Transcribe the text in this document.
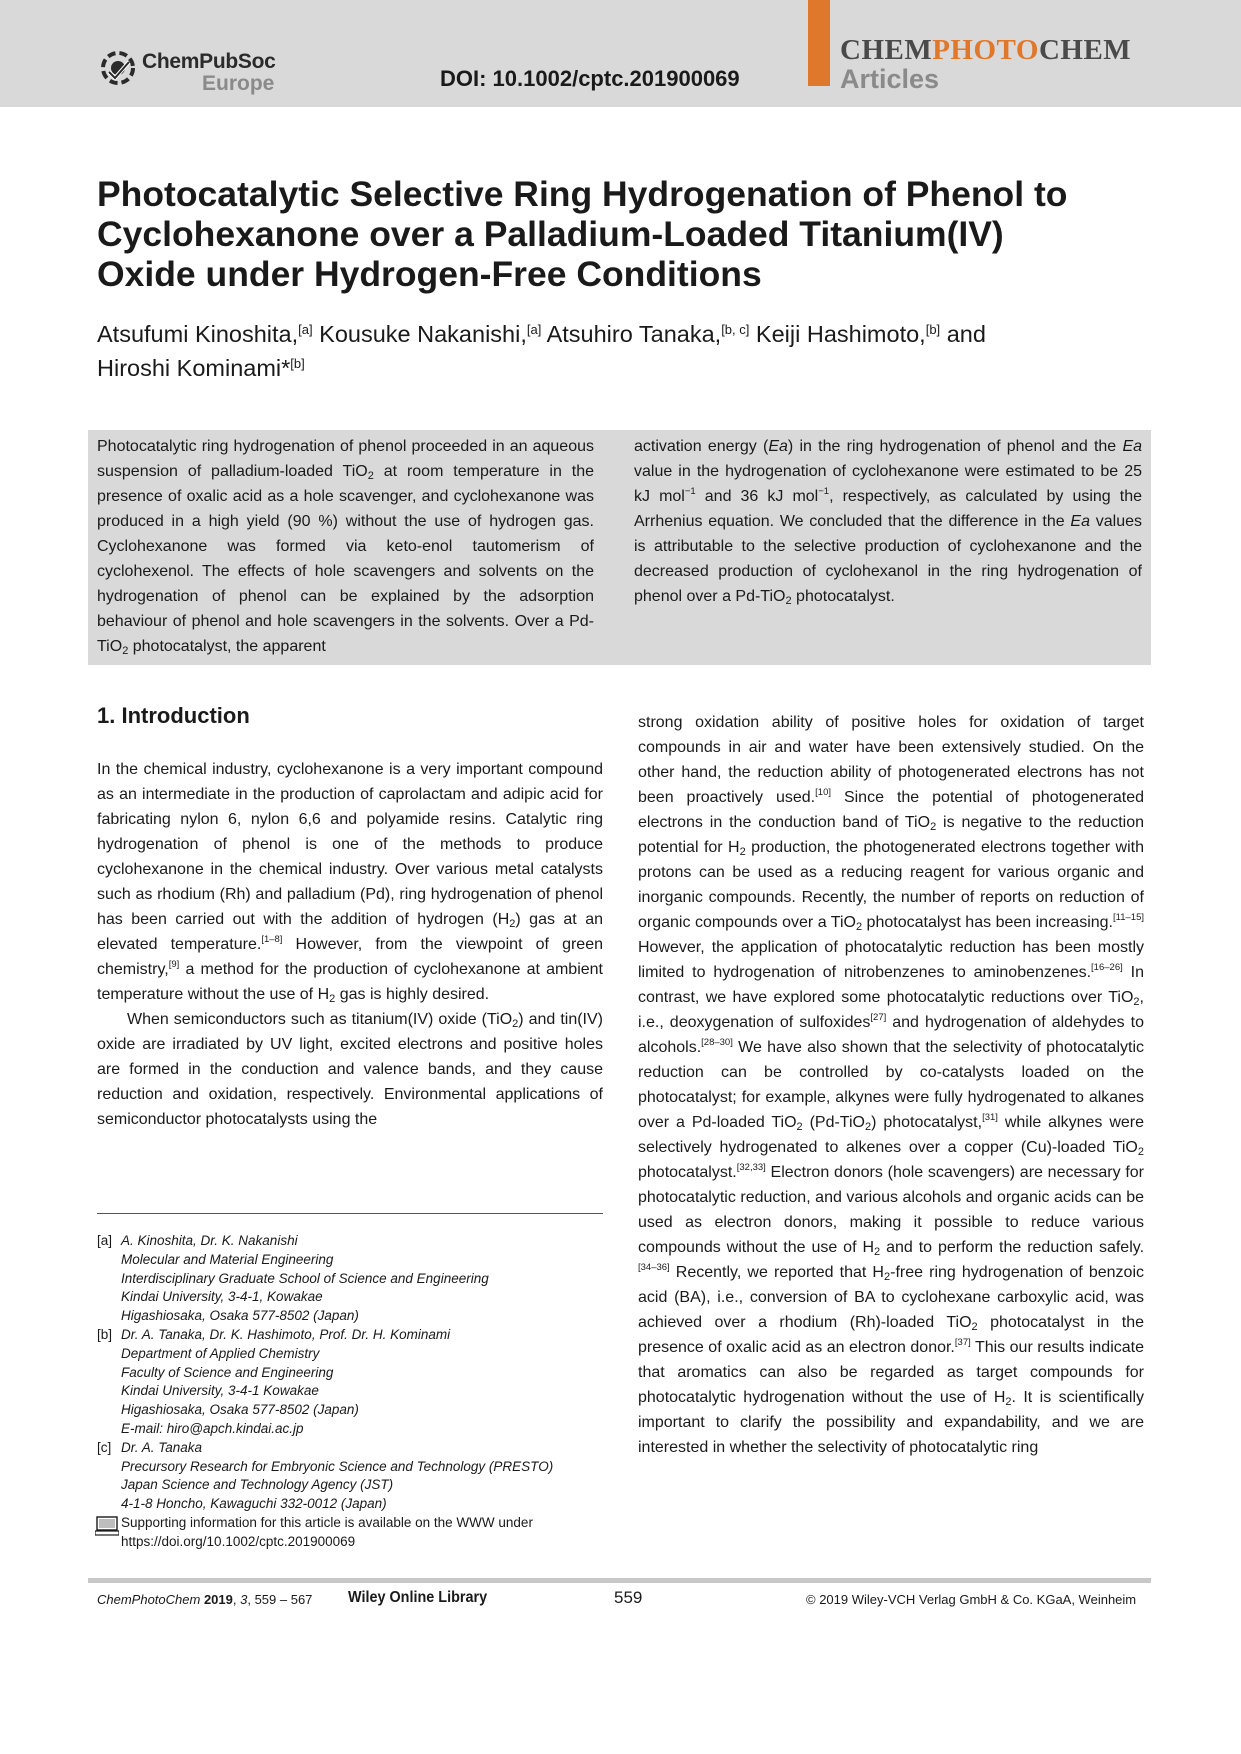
ChemPubSoc
Europe	DOI: 10.1002/cptc.201900069
CHEMPHOTOCHEM
Articles
Photocatalytic Selective Ring Hydrogenation of Phenol to
Cyclohexanone over a Palladium-Loaded Titanium(IV)
Oxide under Hydrogen-Free Conditions
Atsufumi Kinoshita,[a] Kousuke Nakanishi,[a] Atsuhiro Tanaka,[b, c] Keiji Hashimoto,[b] and
Hiroshi Kominami*[b]
Photocatalytic ring hydrogenation of phenol proceeded in an aqueous suspension of palladium-loaded TiO$_2$ at room temperature in the presence of oxalic acid as a hole scavenger, and cyclohexanone was produced in a high yield (90 %) without the use of hydrogen gas. Cyclohexanone was formed via keto-enol tautomerism of cyclohexenol. The effects of hole scavengers and solvents on the hydrogenation of phenol can be explained by the adsorption behaviour of phenol and hole scavengers in the solvents. Over a Pd-TiO$_2$ photocatalyst, the apparent
activation energy (Ea) in the ring hydrogenation of phenol and the Ea value in the hydrogenation of cyclohexanone were estimated to be 25 kJ mol$^{-1}$ and 36 kJ mol$^{-1}$, respectively, as calculated by using the Arrhenius equation. We concluded that the difference in the Ea values is attributable to the selective production of cyclohexanone and the decreased production of cyclohexanol in the ring hydrogenation of phenol over a Pd-TiO$_2$ photocatalyst.
1. Introduction
In the chemical industry, cyclohexanone is a very important compound as an intermediate in the production of caprolactam and adipic acid for fabricating nylon 6, nylon 6,6 and polyamide resins. Catalytic ring hydrogenation of phenol is one of the methods to produce cyclohexanone in the chemical industry. Over various metal catalysts such as rhodium (Rh) and palladium (Pd), ring hydrogenation of phenol has been carried out with the addition of hydrogen $(H_2)$ gas at an elevated temperature.[1–8] However, from the viewpoint of green chemistry,[9] a method for the production of cyclohexanone at ambient temperature without the use of $H_2$ gas is highly desired.
When semiconductors such as titanium(IV) oxide (TiO$_2$) and tin(IV) oxide are irradiated by UV light, excited electrons and positive holes are formed in the conduction and valence bands, and they cause reduction and oxidation, respectively. Environmental applications of semiconductor photocatalysts using the
strong oxidation ability of positive holes for oxidation of target compounds in air and water have been extensively studied. On the other hand, the reduction ability of photogenerated electrons has not been proactively used.[10] Since the potential of photogenerated electrons in the conduction band of TiO$_2$ is negative to the reduction potential for $H_2$ production, the photogenerated electrons together with protons can be used as a reducing reagent for various organic and inorganic compounds. Recently, the number of reports on reduction of organic compounds over a TiO$_2$ photocatalyst has been increasing.[11–15] However, the application of photocatalytic reduction has been mostly limited to hydrogenation of nitrobenzenes to aminobenzenes.[16–26] In contrast, we have explored some photocatalytic reductions over TiO$_2$, i.e., deoxygenation of sulfoxides[27] and hydrogenation of aldehydes to alcohols.[28–30] We have also shown that the selectivity of photocatalytic reduction can be controlled by co-catalysts loaded on the photocatalyst; for example, alkynes were fully hydrogenated to alkanes over a Pd-loaded TiO$_2$ (Pd-TiO$_2$) photocatalyst,[31] while alkynes were selectively hydrogenated to alkenes over a copper (Cu)-loaded TiO$_2$ photocatalyst.[32,33] Electron donors (hole scavengers) are necessary for photocatalytic reduction, and various alcohols and organic acids can be used as electron donors, making it possible to reduce various compounds without the use of $H_2$ and to perform the reduction safely.[34–36] Recently, we reported that $H_2$-free ring hydrogenation of benzoic acid (BA), i.e., conversion of BA to cyclohexane carboxylic acid, was achieved over a rhodium (Rh)-loaded TiO$_2$ photocatalyst in the presence of oxalic acid as an electron donor.[37] This our results indicate that aromatics can also be regarded as target compounds for photocatalytic hydrogenation without the use of $H_2$. It is scientifically important to clarify the possibility and expandability, and we are interested in whether the selectivity of photocatalytic ring
[a] A. Kinoshita, Dr. K. Nakanishi
Molecular and Material Engineering
Interdisciplinary Graduate School of Science and Engineering
Kindai University, 3-4-1, Kowakae
Higashiosaka, Osaka 577-8502 (Japan)
[b] Dr. A. Tanaka, Dr. K. Hashimoto, Prof. Dr. H. Kominami
Department of Applied Chemistry
Faculty of Science and Engineering
Kindai University, 3-4-1 Kowakae
Higashiosaka, Osaka 577-8502 (Japan)
E-mail: hiro@apch.kindai.ac.jp
[c] Dr. A. Tanaka
Precursory Research for Embryonic Science and Technology (PRESTO)
Japan Science and Technology Agency (JST)
4-1-8 Honcho, Kawaguchi 332-0012 (Japan)
Supporting information for this article is available on the WWW under
https://doi.org/10.1002/cptc.201900069
ChemPhotoChem 2019, 3, 559 – 567 Wiley Online Library	559	© 2019 Wiley-VCH Verlag GmbH & Co. KGaA, Weinheim
